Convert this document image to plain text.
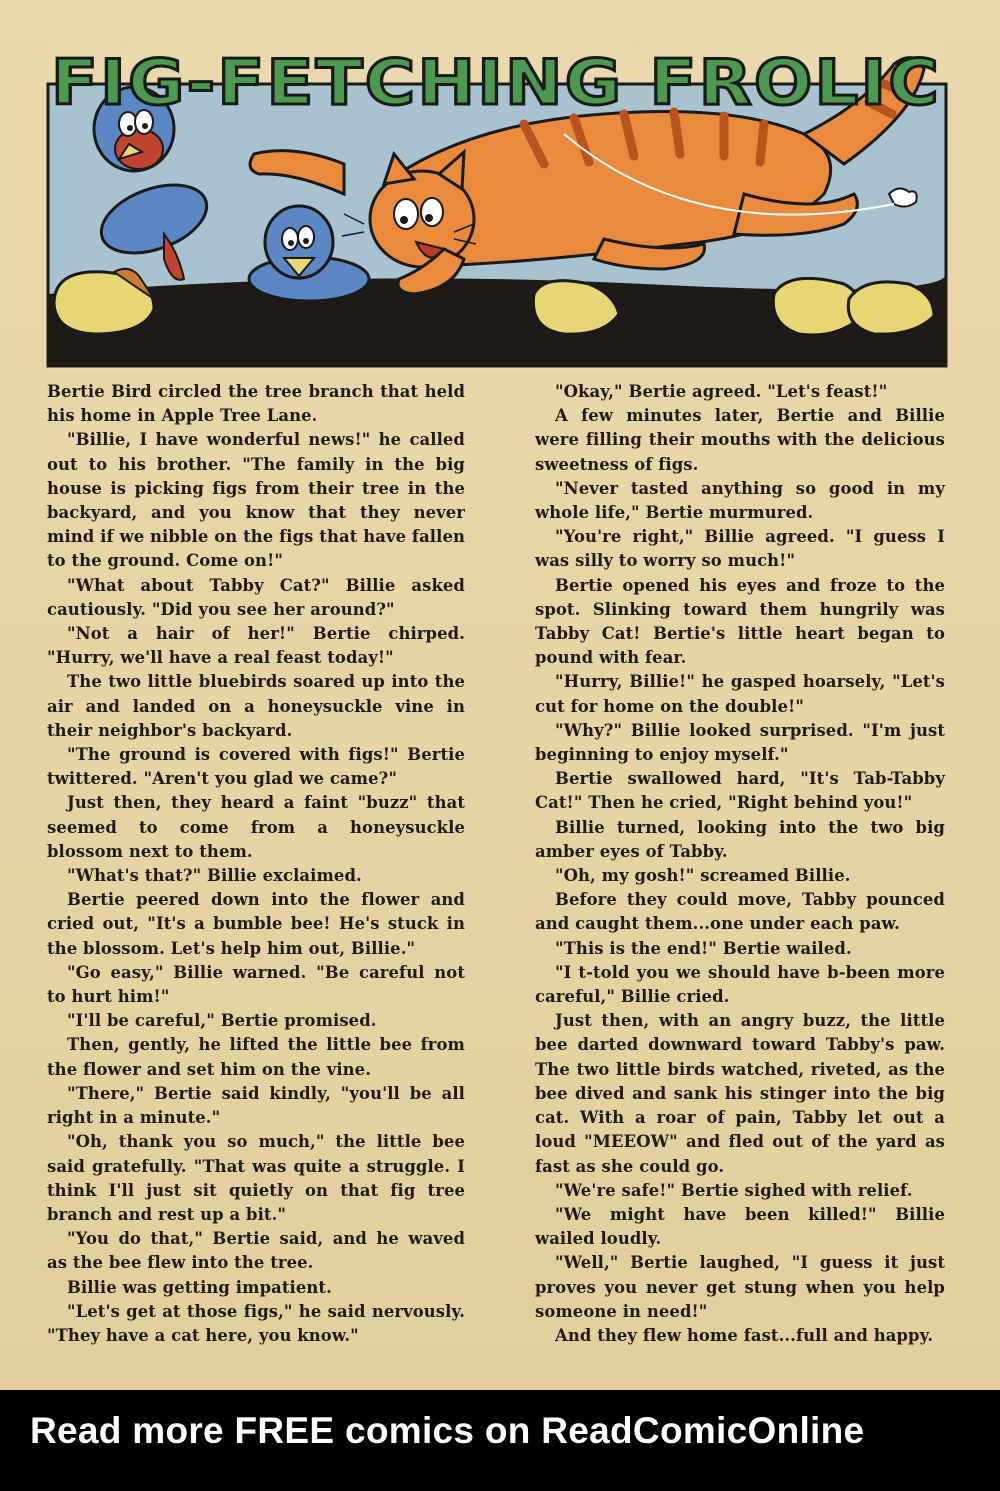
FIG-FETCHING FROLIC

Bertie Bird circled the tree branch that held his home in Apple Tree Lane.

"Billie, I have wonderful news!" he called out to his brother. "The family in the big house is picking figs from their tree in the backyard, and you know that they never mind if we nibble on the figs that have fallen to the ground. Come on!"

"What about Tabby Cat?" Billie asked cautiously. "Did you see her around?"

"Not a hair of her!" Bertie chirped. "Hurry, we'll have a real feast today!"

The two little bluebirds soared up into the air and landed on a honeysuckle vine in their neighbor's backyard.

"The ground is covered with figs!" Bertie twittered. "Aren't you glad we came?"

Just then, they heard a faint "buzz" that seemed to come from a honeysuckle blossom next to them.

"What's that?" Billie exclaimed.

Bertie peered down into the flower and cried out, "It's a bumble bee! He's stuck in the blossom. Let's help him out, Billie."

"Go easy," Billie warned. "Be careful not to hurt him!"

"I'll be careful," Bertie promised.

Then, gently, he lifted the little bee from the flower and set him on the vine.

"There," Bertie said kindly, "you'll be all right in a minute."

"Oh, thank you so much," the little bee said gratefully. "That was quite a struggle. I think I'll just sit quietly on that fig tree branch and rest up a bit."

"You do that," Bertie said, and he waved as the bee flew into the tree.

Billie was getting impatient.

"Let's get at those figs," he said nervously. "They have a cat here, you know."

"Okay," Bertie agreed. "Let's feast!"

A few minutes later, Bertie and Billie were filling their mouths with the delicious sweetness of figs.

"Never tasted anything so good in my whole life," Bertie murmured.

"You're right," Billie agreed. "I guess I was silly to worry so much!"

Bertie opened his eyes and froze to the spot. Slinking toward them hungrily was Tabby Cat! Bertie's little heart began to pound with fear.

"Hurry, Billie!" he gasped hoarsely, "Let's cut for home on the double!"

"Why?" Billie looked surprised. "I'm just beginning to enjoy myself."

Bertie swallowed hard, "It's Tab-Tabby Cat!" Then he cried, "Right behind you!"

Billie turned, looking into the two big amber eyes of Tabby.

"Oh, my gosh!" screamed Billie.

Before they could move, Tabby pounced and caught them...one under each paw.

"This is the end!" Bertie wailed.

"I t-told you we should have b-been more careful," Billie cried.

Just then, with an angry buzz, the little bee darted downward toward Tabby's paw. The two little birds watched, riveted, as the bee dived and sank his stinger into the big cat. With a roar of pain, Tabby let out a loud "MEEOW" and fled out of the yard as fast as she could go.

"We're safe!" Bertie sighed with relief.

"We might have been killed!" Billie wailed loudly.

"Well," Bertie laughed, "I guess it just proves you never get stung when you help someone in need!"

And they flew home fast...full and happy.

Read more FREE comics on ReadComicOnline
